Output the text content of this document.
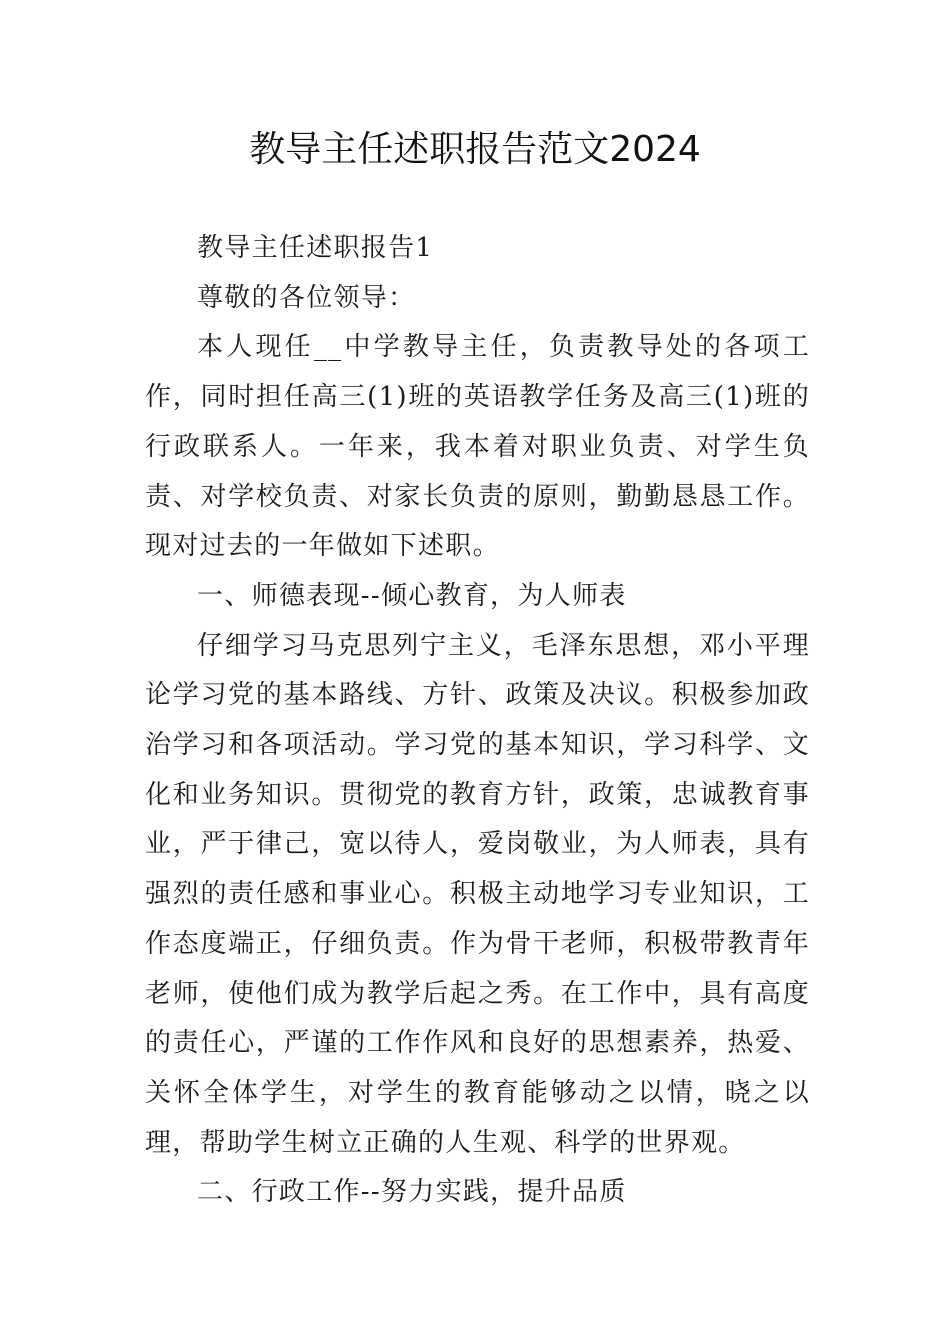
教导主任述职报告范文2024

教导主任述职报告1

尊敬的各位领导：

本人现任__中学教导主任，负责教导处的各项工作，同时担任高三(1)班的英语教学任务及高三(1)班的行政联系人。一年来，我本着对职业负责、对学生负责、对学校负责、对家长负责的原则，勤勤恳恳工作。现对过去的一年做如下述职。

一、师德表现--倾心教育，为人师表

仔细学习马克思列宁主义，毛泽东思想，邓小平理论学习党的基本路线、方针、政策及决议。积极参加政治学习和各项活动。学习党的基本知识，学习科学、文化和业务知识。贯彻党的教育方针，政策，忠诚教育事业，严于律己，宽以待人，爱岗敬业，为人师表，具有强烈的责任感和事业心。积极主动地学习专业知识，工作态度端正，仔细负责。作为骨干老师，积极带教青年老师，使他们成为教学后起之秀。在工作中，具有高度的责任心，严谨的工作作风和良好的思想素养，热爱、关怀全体学生，对学生的教育能够动之以情，晓之以理，帮助学生树立正确的人生观、科学的世界观。

二、行政工作--努力实践，提升品质
